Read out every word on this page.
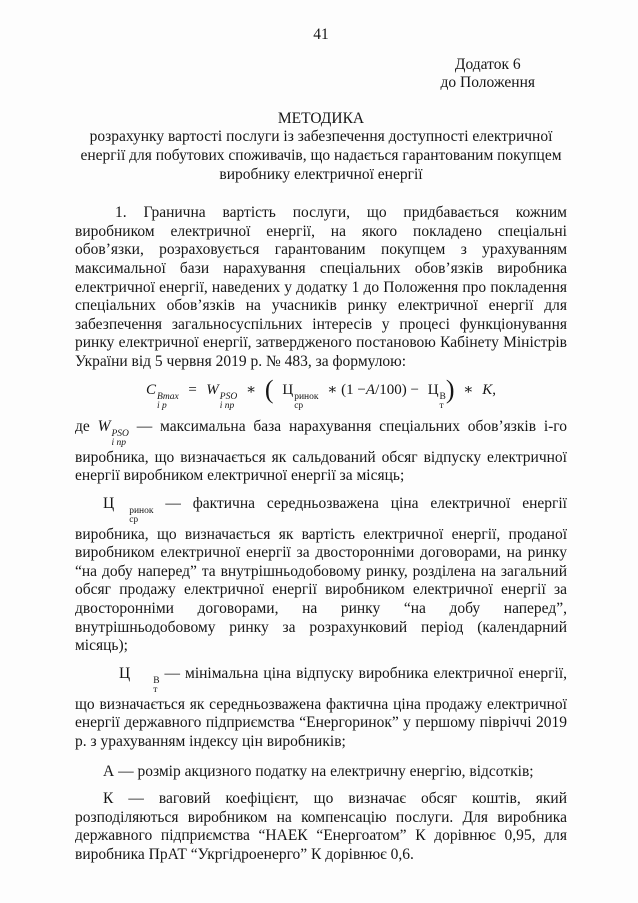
41

Додаток 6
до Положення

МЕТОДИКА

розрахунку вартості послуги із забезпечення доступності електричної енергії для побутових споживачів, що надається гарантованим покупцем виробнику електричної енергії

1. Гранична вартість послуги, що придбавається кожним виробником електричної енергії, на якого покладено спеціальні обов’язки, розраховується гарантованим покупцем з урахуванням максимальної бази нарахування спеціальних обов’язків виробника електричної енергії, наведених у додатку 1 до Положення про покладення спеціальних обов’язків на учасників ринку електричної енергії для забезпечення загальносуспільних інтересів у процесі функціонування ринку електричної енергії, затвердженого постановою Кабінету Міністрів України від 5 червня 2019 р. № 483, за формулою:

C Вmax
і р
= W PSO
і пр
∗ ( Ц ринок
ср
∗ (1 −А/100) − Ц В
т
) ∗ К,

де W PSO
і пр
— максимальна база нарахування спеціальних обов’язків і-го виробника, що визначається як сальдований обсяг відпуску електричної енергії виробником електричної енергії за місяць;

Ц	ринок
ср
— фактична середньозважена ціна електричної енергії виробника, що визначається як вартість електричної енергії, проданої виробником електричної енергії за двосторонніми договорами, на ринку “на добу наперед” та внутрішньодобовому ринку, розділена на загальний обсяг продажу електричної енергії виробником електричної енергії за двосторонніми договорами, на ринку “на добу наперед”, внутрішньодобовому ринку за розрахунковий період (календарний місяць);

Ц	В
т
— мінімальна ціна відпуску виробника електричної енергії, що визначається як середньозважена фактична ціна продажу електричної енергії державного підприємства “Енергоринок” у першому півріччі 2019 р. з урахуванням індексу цін виробників;

А — розмір акцизного податку на електричну енергію, відсотків;

К — ваговий коефіцієнт, що визначає обсяг коштів, який розподіляються виробником на компенсацію послуги. Для виробника державного підприємства “НАЕК “Енергоатом” К дорівнює 0,95, для виробника ПрАТ “Укргідроенерго” К дорівнює 0,6.
